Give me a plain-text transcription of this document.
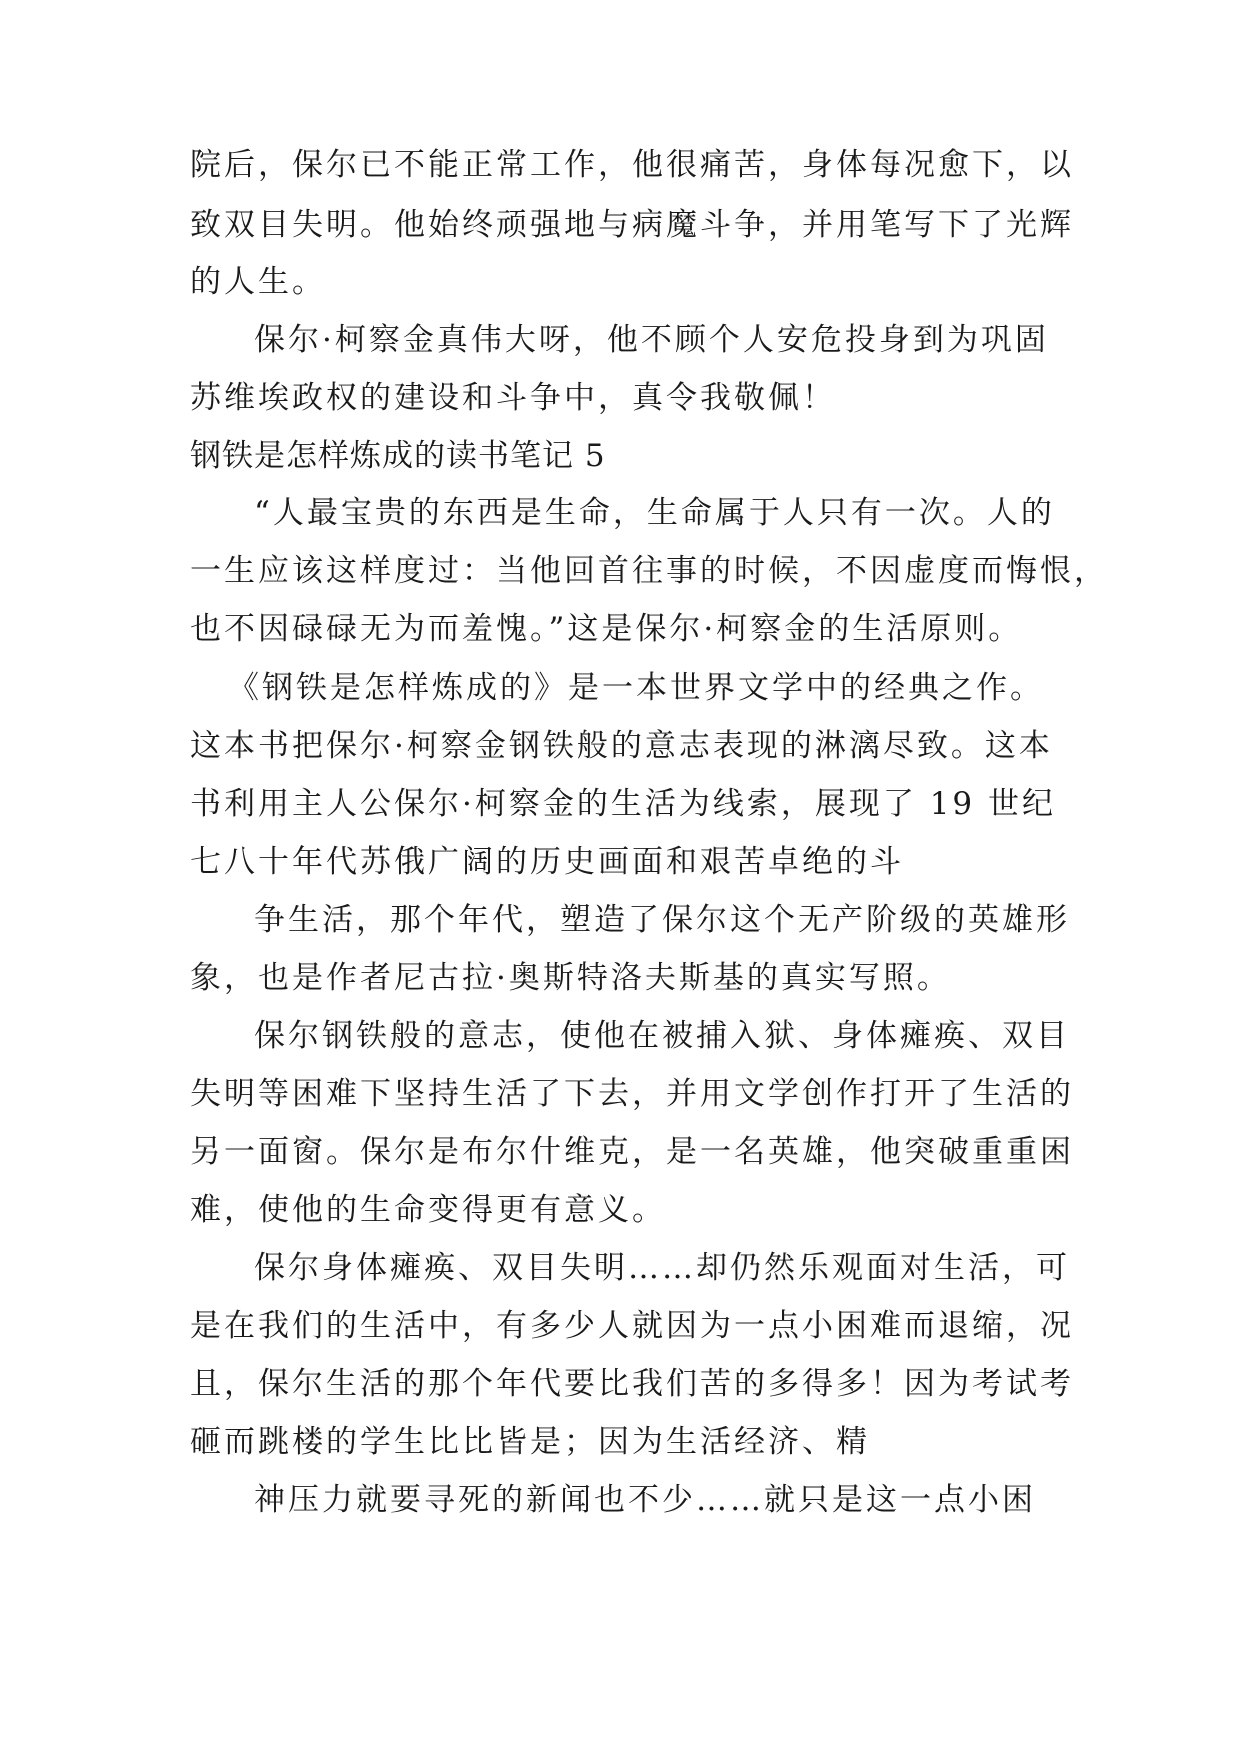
院后，保尔已不能正常工作，他很痛苦，身体每况愈下，以

致双目失明。他始终顽强地与病魔斗争，并用笔写下了光辉

的人生。

保尔·柯察金真伟大呀，他不顾个人安危投身到为巩固

苏维埃政权的建设和斗争中，真令我敬佩！

钢铁是怎样炼成的读书笔记 5

“人最宝贵的东西是生命，生命属于人只有一次。人的

一生应该这样度过：当他回首往事的时候，不因虚度而悔恨，

也不因碌碌无为而羞愧。”这是保尔·柯察金的生活原则。

《钢铁是怎样炼成的》是一本世界文学中的经典之作。

这本书把保尔·柯察金钢铁般的意志表现的淋漓尽致。这本

书利用主人公保尔·柯察金的生活为线索，展现了 19 世纪

七八十年代苏俄广阔的历史画面和艰苦卓绝的斗

争生活，那个年代，塑造了保尔这个无产阶级的英雄形

象，也是作者尼古拉·奥斯特洛夫斯基的真实写照。

保尔钢铁般的意志，使他在被捕入狱、身体瘫痪、双目

失明等困难下坚持生活了下去，并用文学创作打开了生活的

另一面窗。保尔是布尔什维克，是一名英雄，他突破重重困

难，使他的生命变得更有意义。

保尔身体瘫痪、双目失明……却仍然乐观面对生活，可

是在我们的生活中，有多少人就因为一点小困难而退缩，况

且，保尔生活的那个年代要比我们苦的多得多！因为考试考

砸而跳楼的学生比比皆是；因为生活经济、精

神压力就要寻死的新闻也不少……就只是这一点小困
